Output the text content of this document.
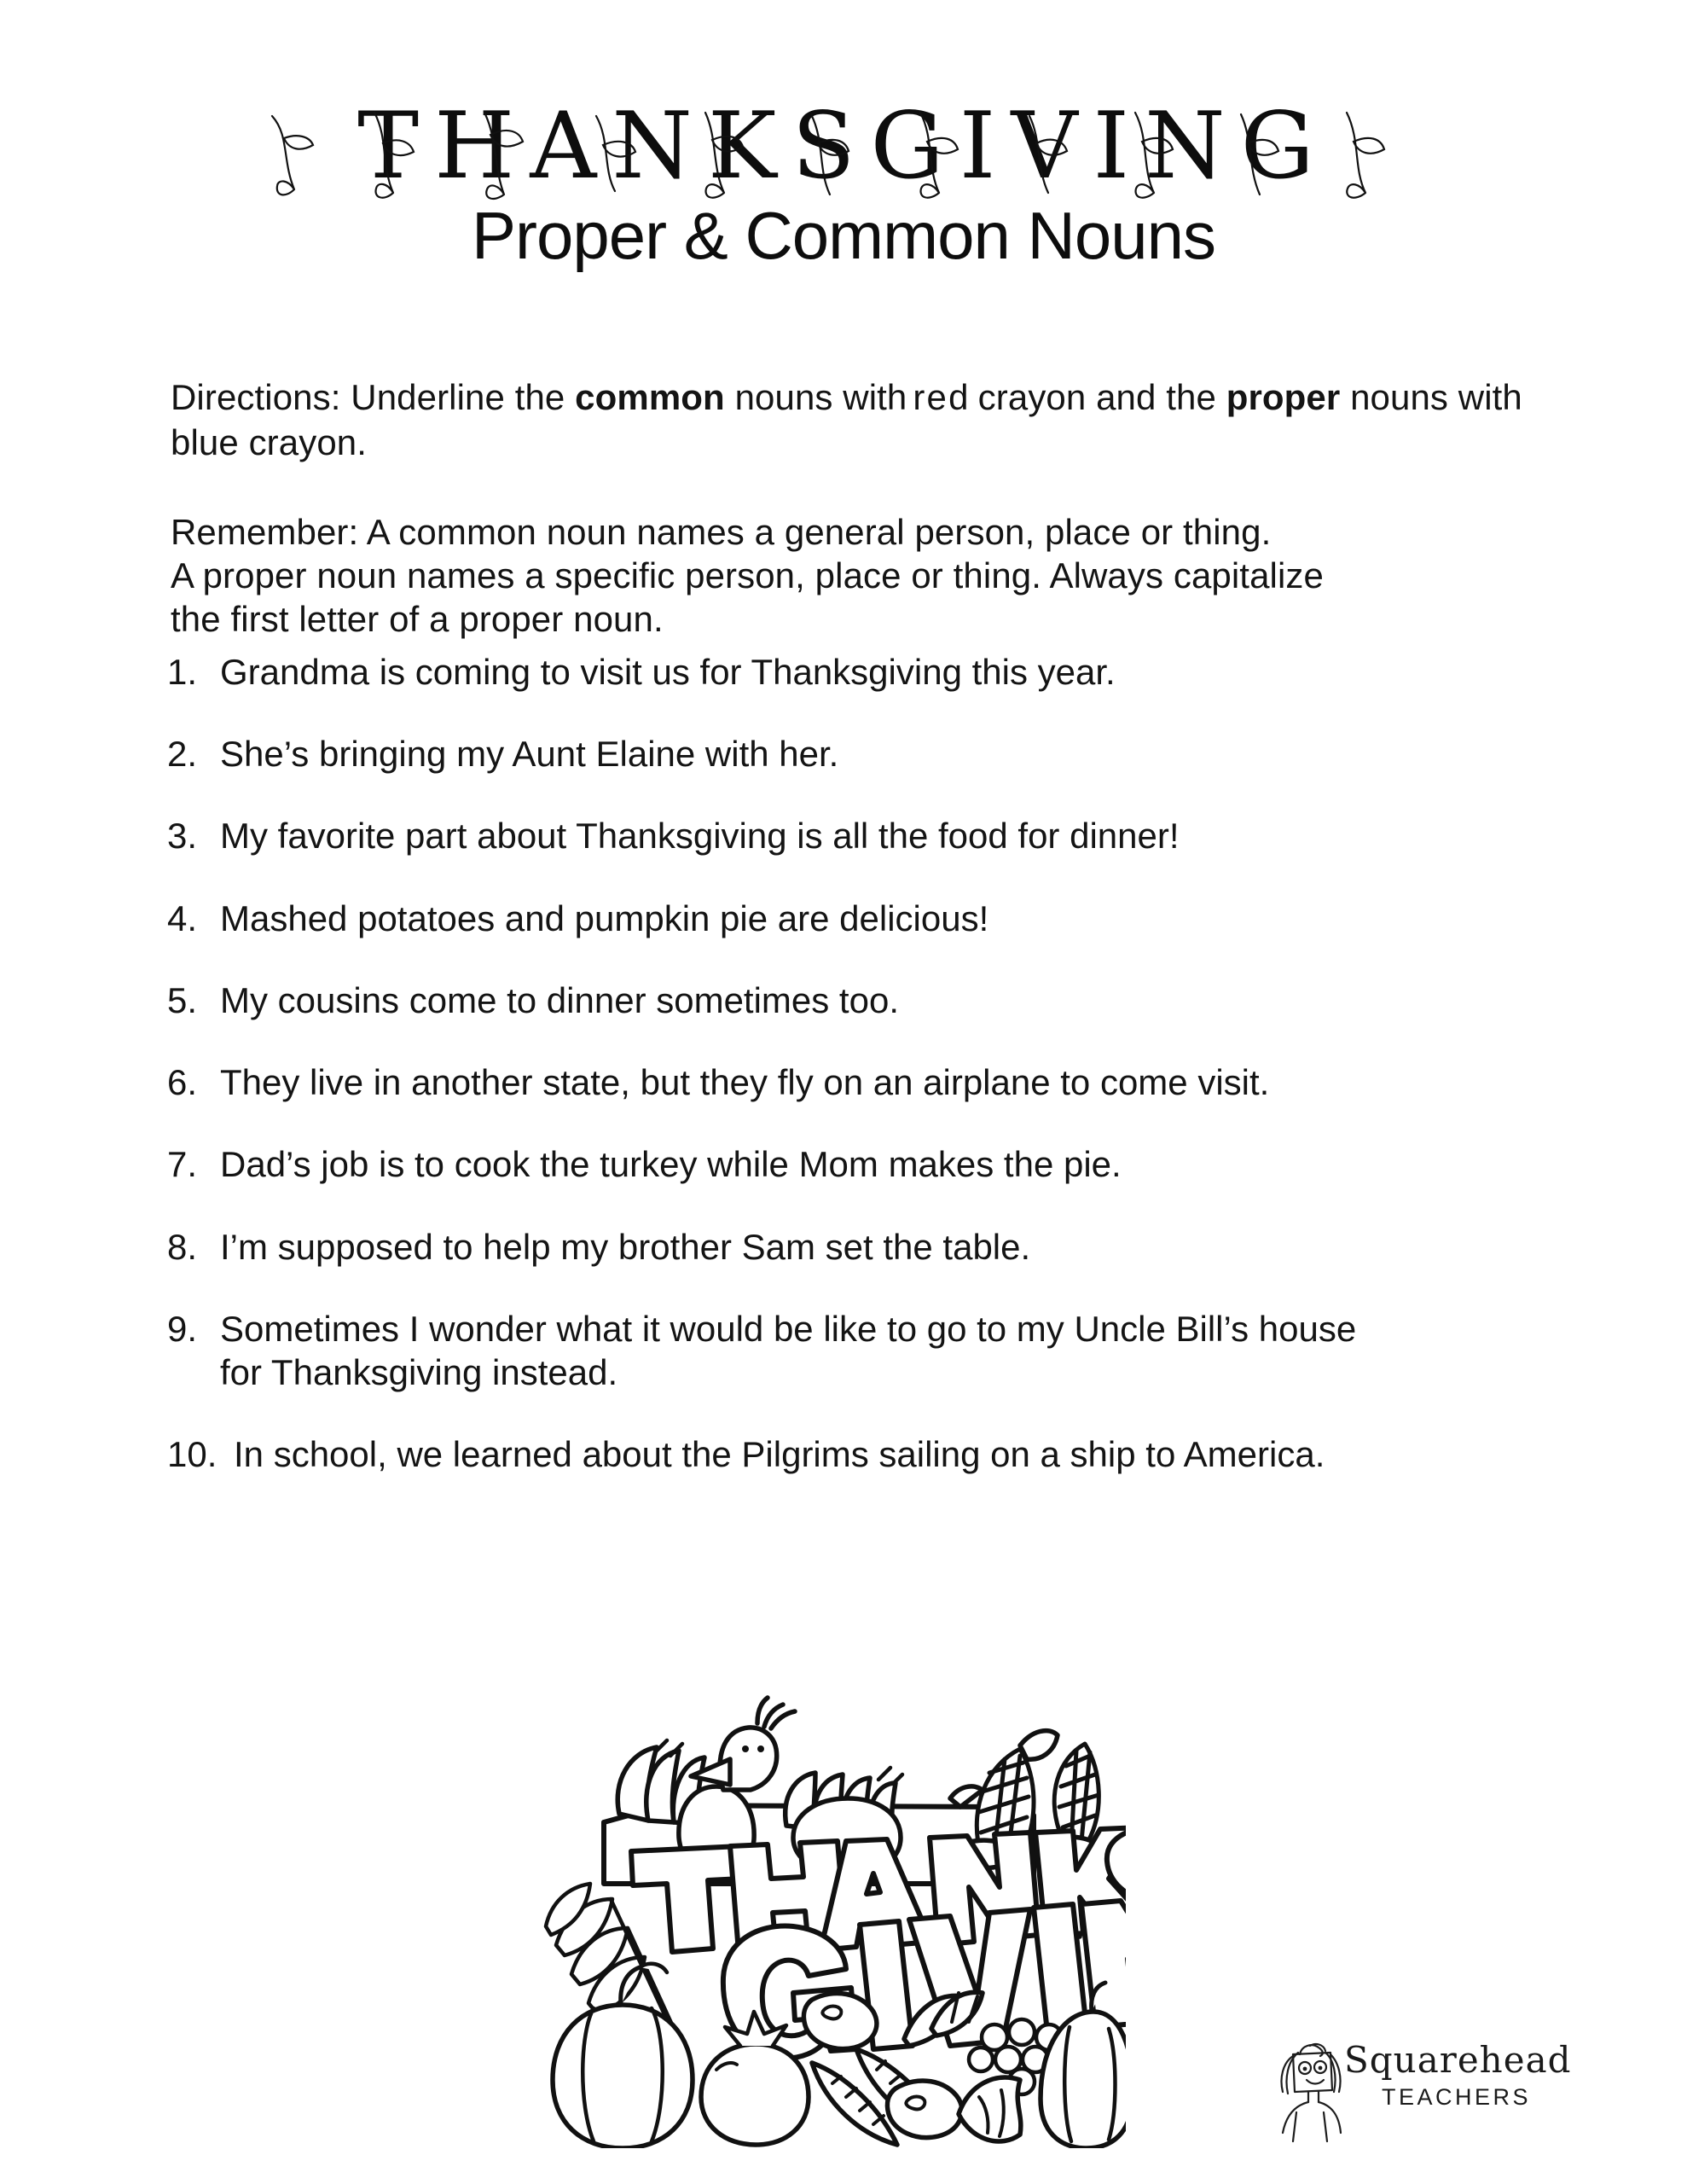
THANKSGIVING
Proper & Common Nouns

Directions: Underline the common nouns with red crayon and the proper nouns with blue crayon.

Remember: A common noun names a general person, place or thing.
A proper noun names a specific person, place or thing. Always capitalize
the first letter of a proper noun.

1. Grandma is coming to visit us for Thanksgiving this year.
2. She’s bringing my Aunt Elaine with her.
3. My favorite part about Thanksgiving is all the food for dinner!
4. Mashed potatoes and pumpkin pie are delicious!
5. My cousins come to dinner sometimes too.
6. They live in another state, but they fly on an airplane to come visit.
7. Dad’s job is to cook the turkey while Mom makes the pie.
8. I’m supposed to help my brother Sam set the table.
9. Sometimes I wonder what it would be like to go to my Uncle Bill’s house
for Thanksgiving instead.
10. In school, we learned about the Pilgrims sailing on a ship to America.
Squarehead
TEACHERS
